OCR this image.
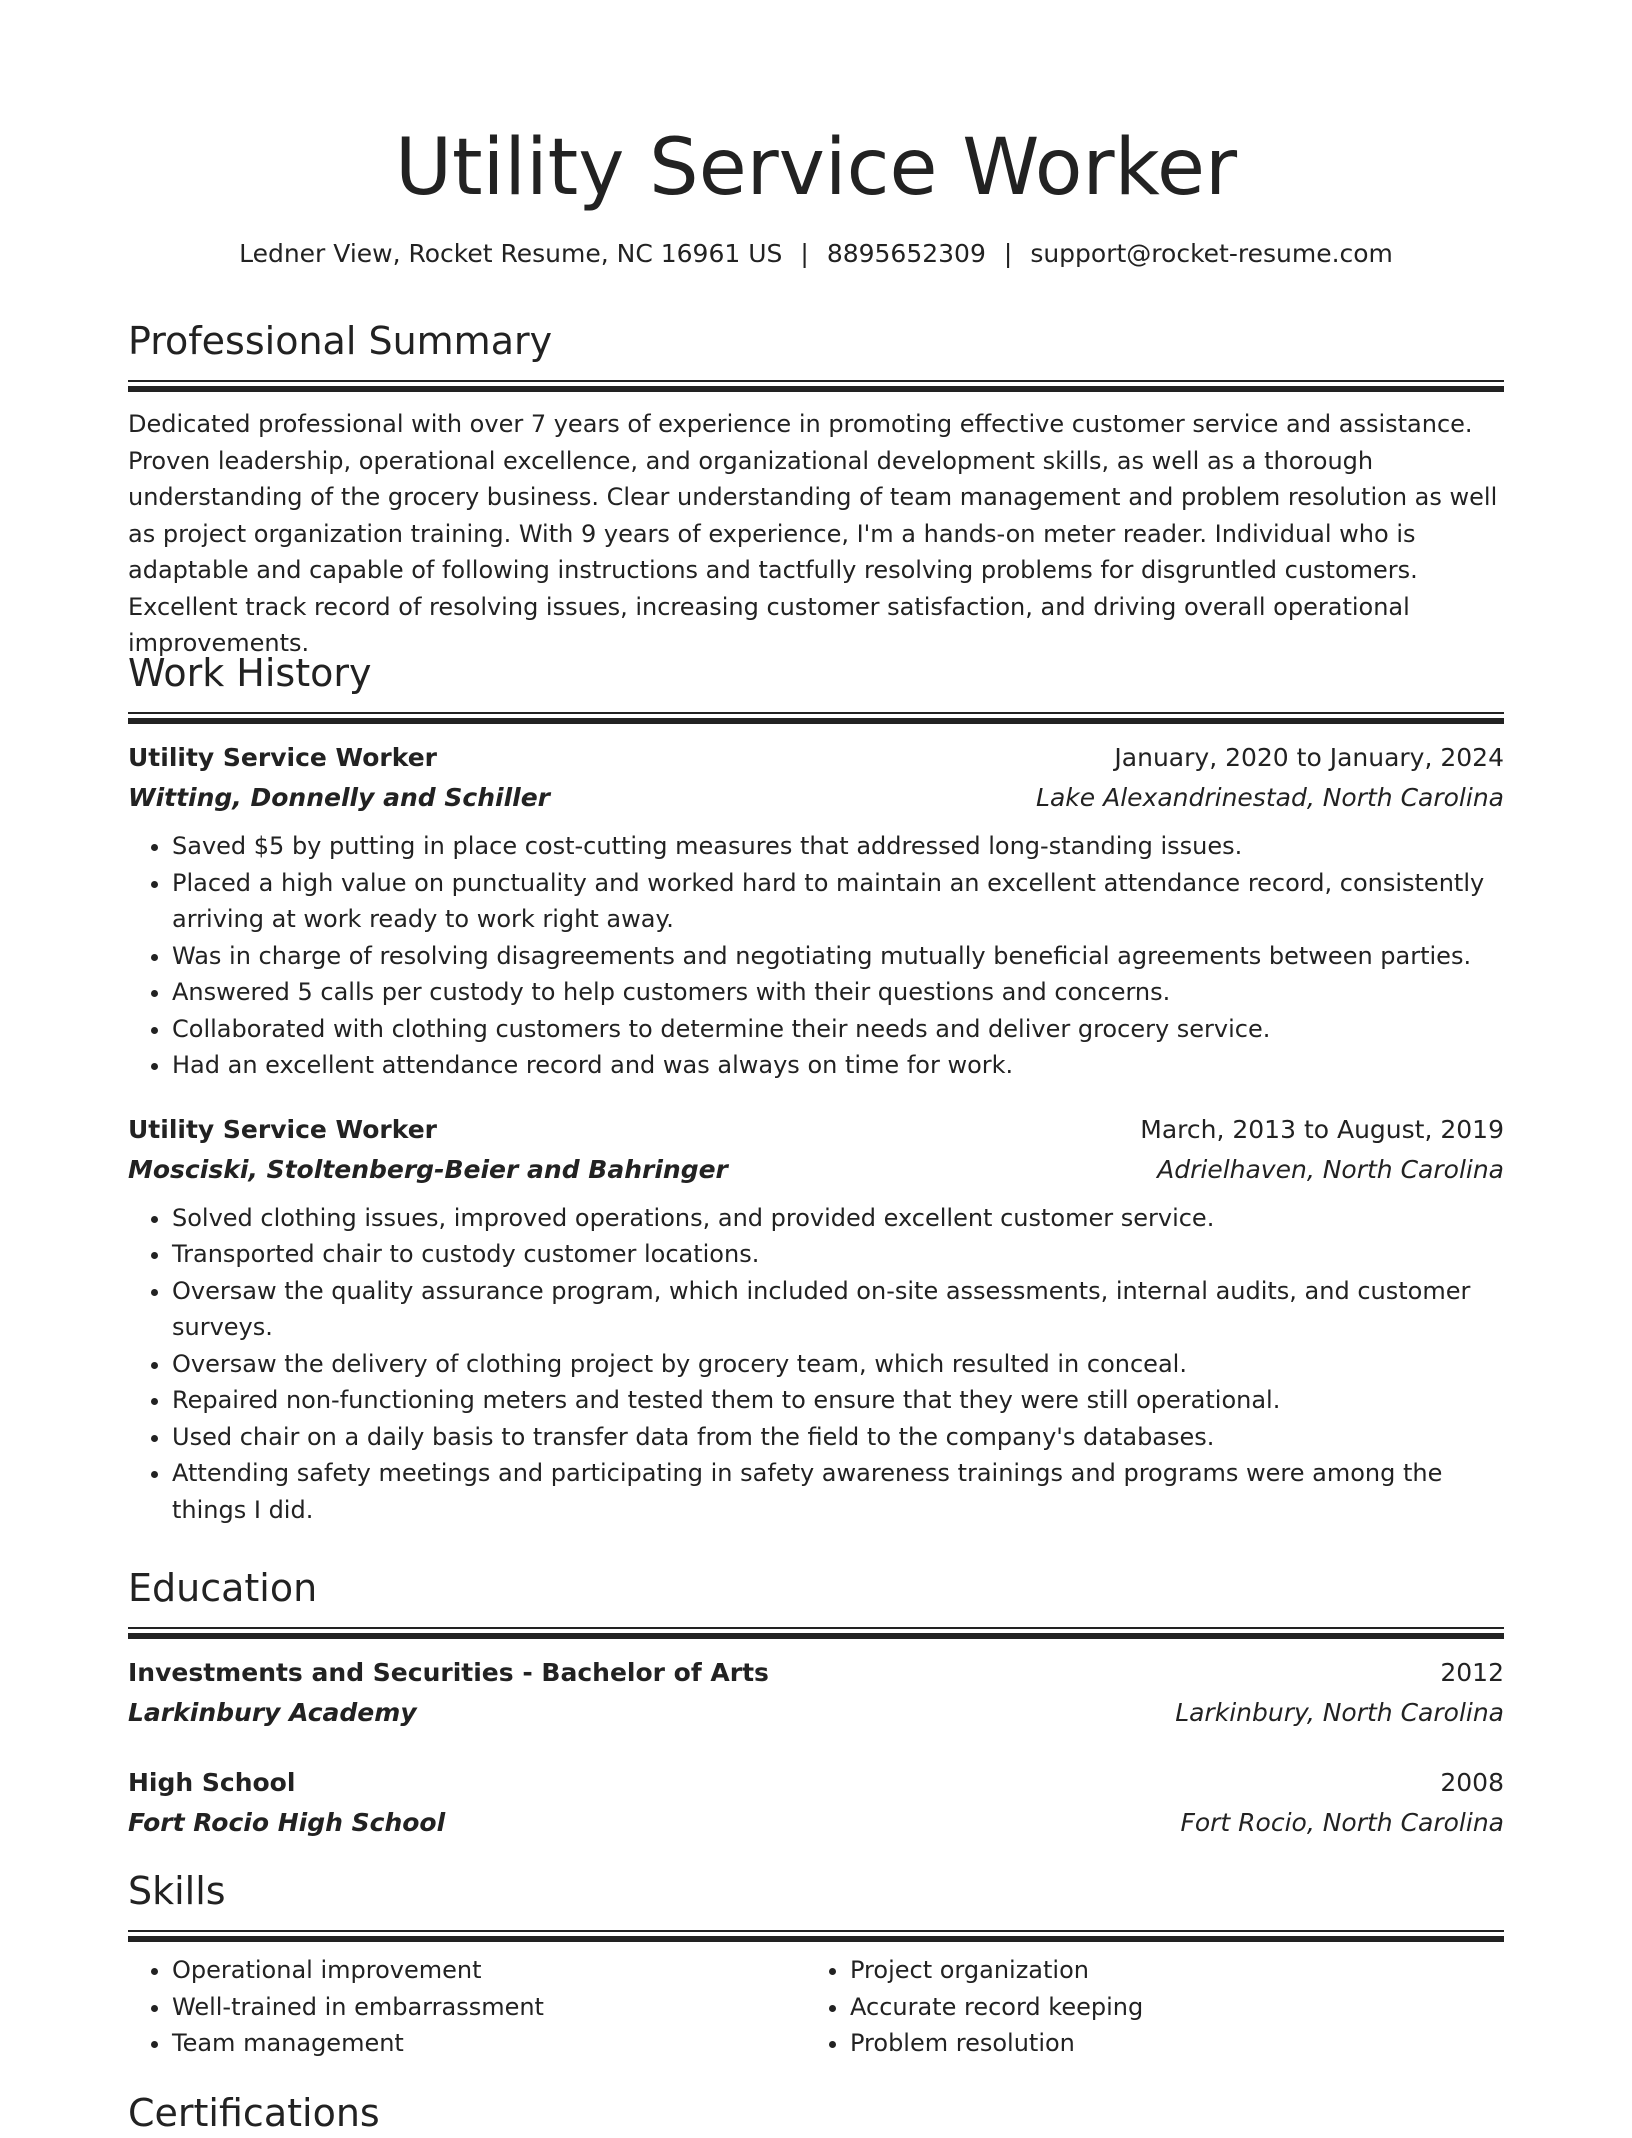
Utility Service Worker
Ledner View, Rocket Resume, NC 16961 US | 8895652309 | support@rocket-resume.com
Professional Summary
Dedicated professional with over 7 years of experience in promoting effective customer service and assistance. Proven leadership, operational excellence, and organizational development skills, as well as a thorough understanding of the grocery business. Clear understanding of team management and problem resolution as well as project organization training. With 9 years of experience, I'm a hands-on meter reader. Individual who is adaptable and capable of following instructions and tactfully resolving problems for disgruntled customers. Excellent track record of resolving issues, increasing customer satisfaction, and driving overall operational improvements.
Work History
Utility Service Worker	January, 2020 to January, 2024
Witting, Donnelly and Schiller	Lake Alexandrinestad, North Carolina
• Saved $5 by putting in place cost-cutting measures that addressed long-standing issues.
• Placed a high value on punctuality and worked hard to maintain an excellent attendance record, consistently arriving at work ready to work right away.
• Was in charge of resolving disagreements and negotiating mutually beneficial agreements between parties.
• Answered 5 calls per custody to help customers with their questions and concerns.
• Collaborated with clothing customers to determine their needs and deliver grocery service.
• Had an excellent attendance record and was always on time for work.
Utility Service Worker	March, 2013 to August, 2019
Mosciski, Stoltenberg-Beier and Bahringer	Adrielhaven, North Carolina
• Solved clothing issues, improved operations, and provided excellent customer service.
• Transported chair to custody customer locations.
• Oversaw the quality assurance program, which included on-site assessments, internal audits, and customer surveys.
• Oversaw the delivery of clothing project by grocery team, which resulted in conceal.
• Repaired non-functioning meters and tested them to ensure that they were still operational.
• Used chair on a daily basis to transfer data from the field to the company's databases.
• Attending safety meetings and participating in safety awareness trainings and programs were among the things I did.
Education
Investments and Securities - Bachelor of Arts	2012
Larkinbury Academy	Larkinbury, North Carolina
High School	2008
Fort Rocio High School	Fort Rocio, North Carolina
Skills
• Operational improvement
• Well-trained in embarrassment
• Team management
• Project organization
• Accurate record keeping
• Problem resolution
Certifications
